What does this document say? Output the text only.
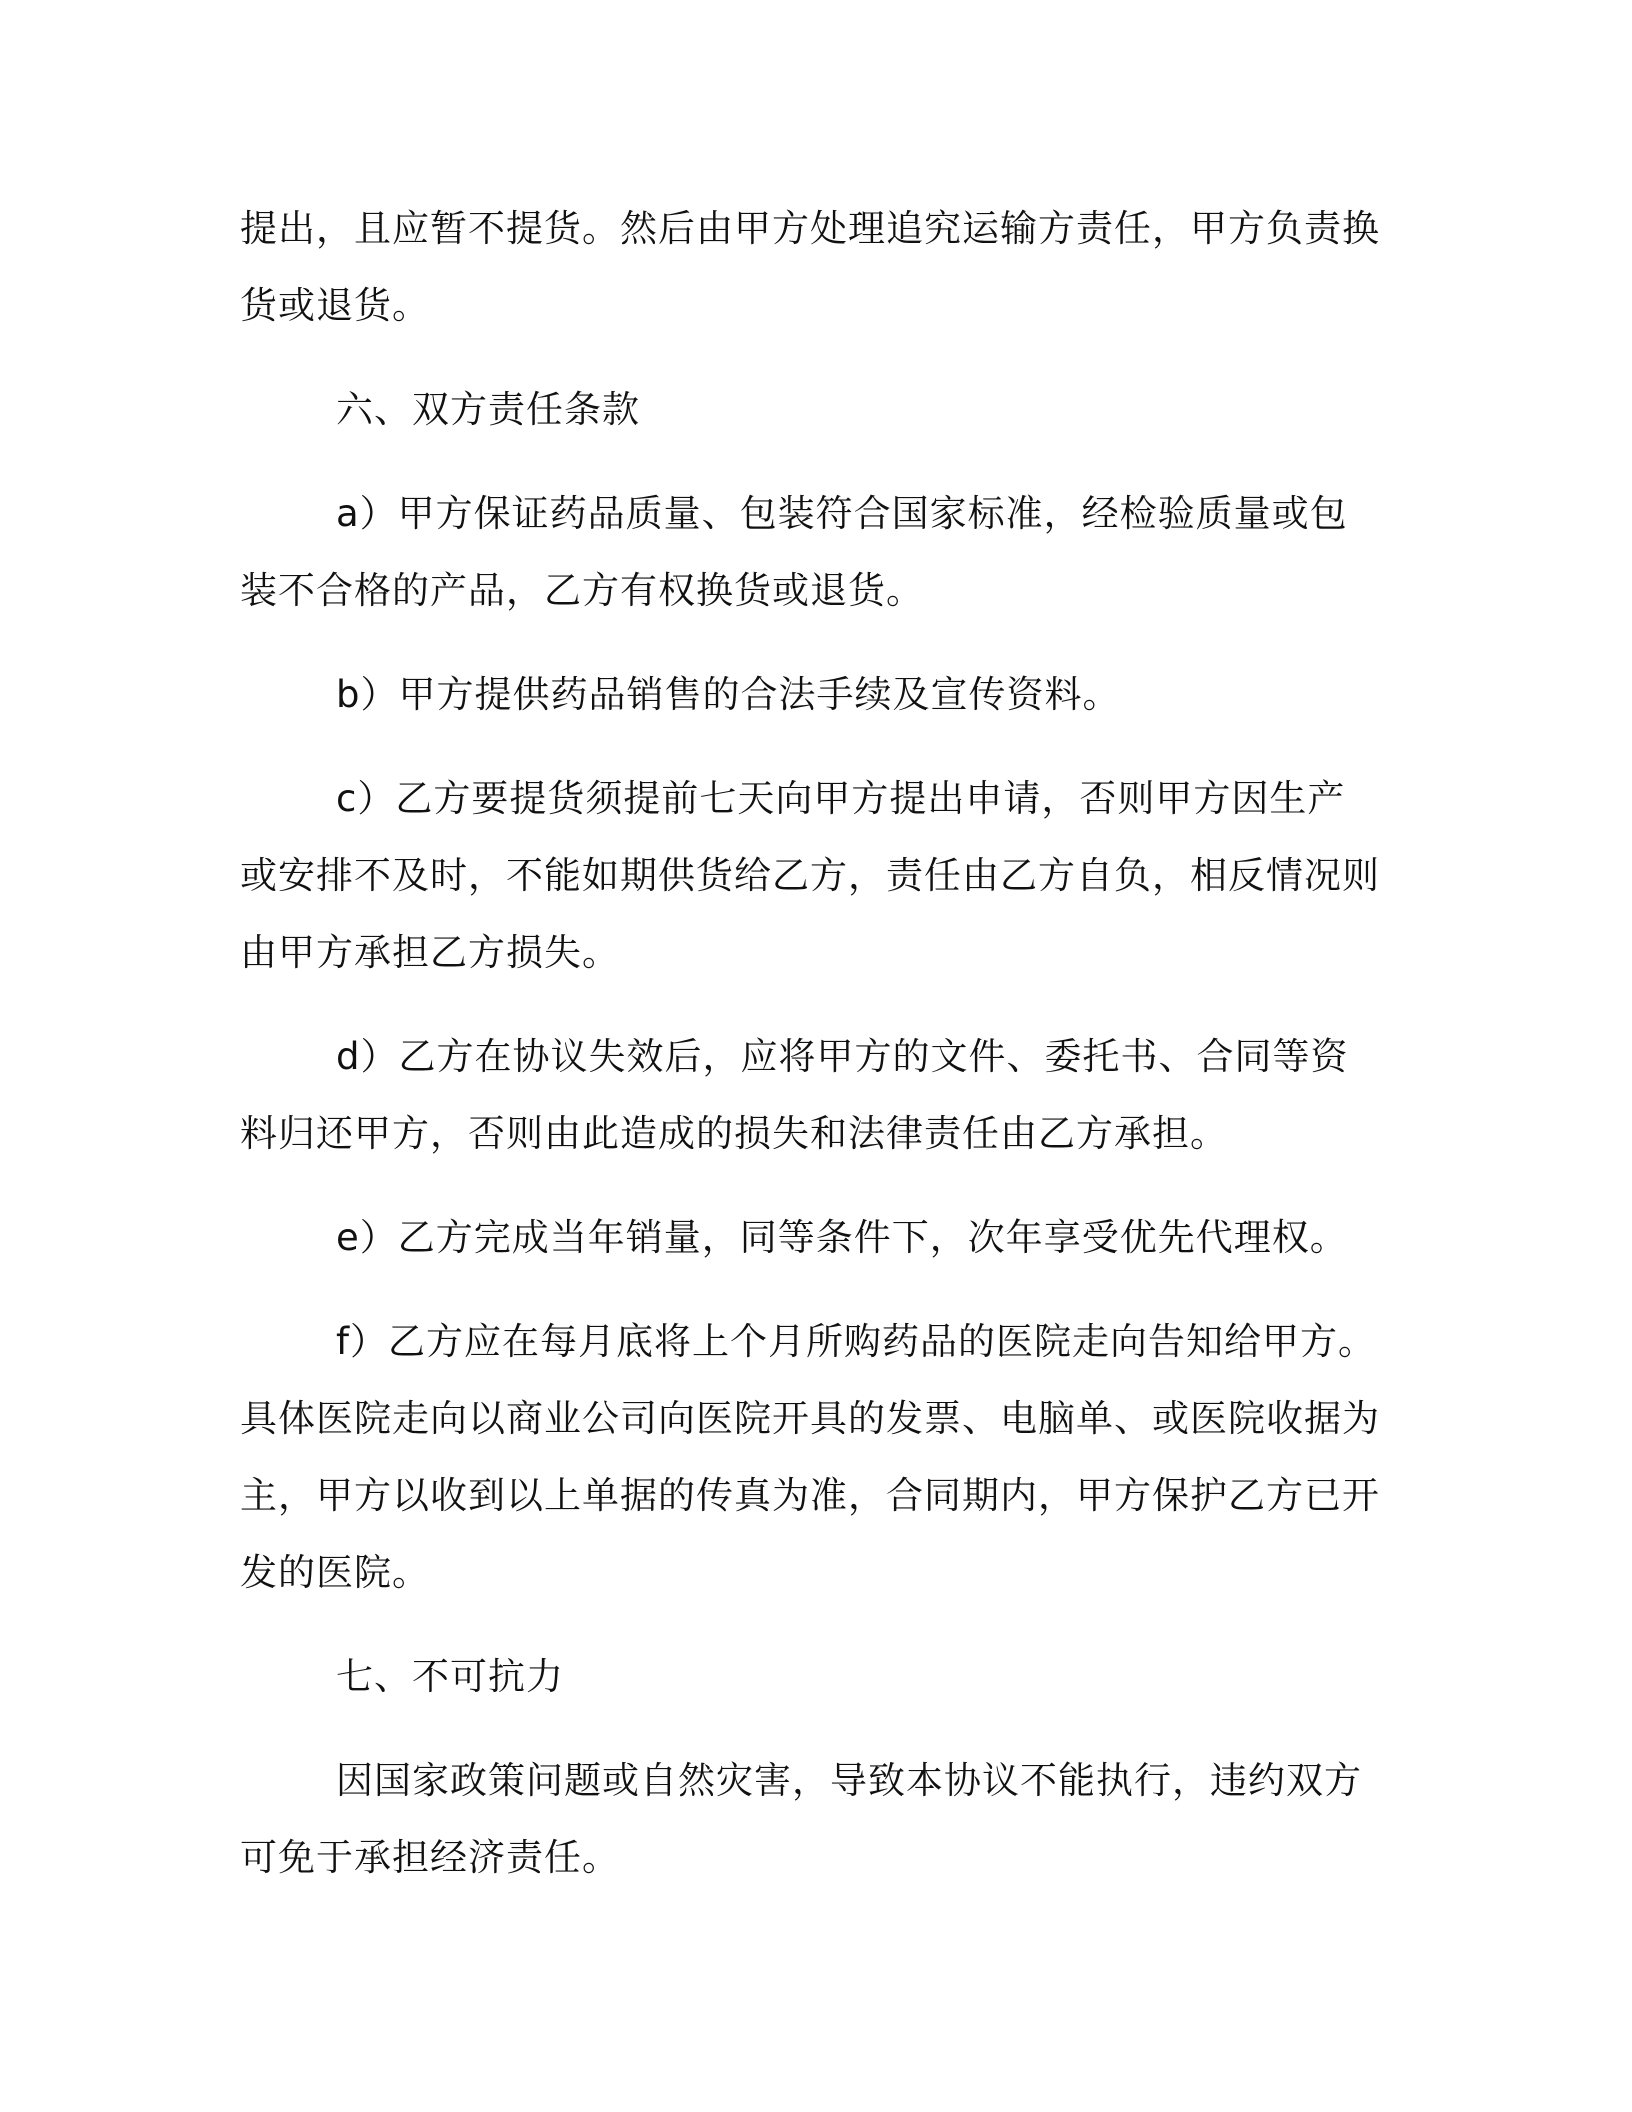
提出，且应暂不提货。然后由甲方处理追究运输方责任，甲方负责换货或退货。

六、双方责任条款

a）甲方保证药品质量、包装符合国家标准，经检验质量或包装不合格的产品，乙方有权换货或退货。

b）甲方提供药品销售的合法手续及宣传资料。

c）乙方要提货须提前七天向甲方提出申请，否则甲方因生产或安排不及时，不能如期供货给乙方，责任由乙方自负，相反情况则由甲方承担乙方损失。

d）乙方在协议失效后，应将甲方的文件、委托书、合同等资料归还甲方，否则由此造成的损失和法律责任由乙方承担。

e）乙方完成当年销量，同等条件下，次年享受优先代理权。

f）乙方应在每月底将上个月所购药品的医院走向告知给甲方。具体医院走向以商业公司向医院开具的发票、电脑单、或医院收据为主，甲方以收到以上单据的传真为准，合同期内，甲方保护乙方已开发的医院。

七、不可抗力

因国家政策问题或自然灾害，导致本协议不能执行，违约双方可免于承担经济责任。
